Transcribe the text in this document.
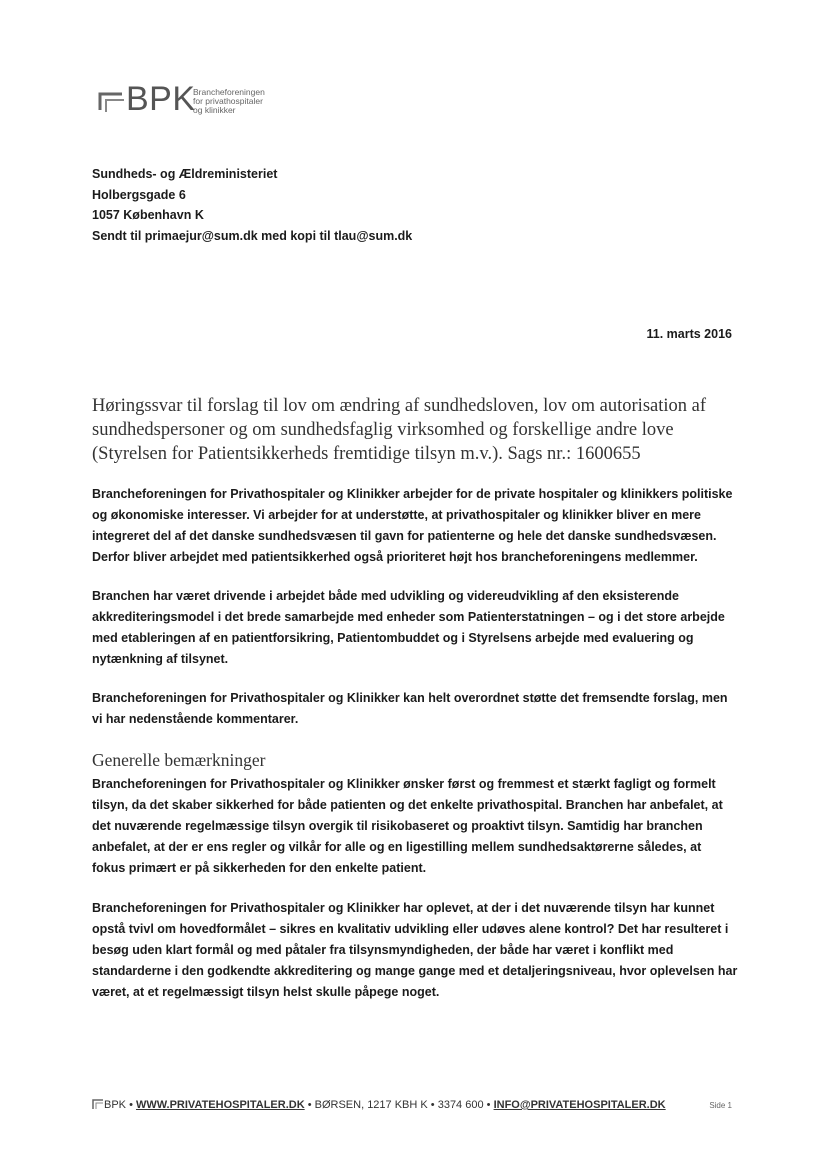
BPK
Brancheforeningen
for privathospitaler
og klinikker
Sundheds- og Ældreministeriet
Holbergsgade 6
1057 København K
Sendt til primaejur@sum.dk med kopi til tlau@sum.dk
11. marts 2016
Høringssvar til forslag til lov om ændring af sundhedsloven, lov om autorisation af sundhedspersoner og om sundhedsfaglig virksomhed og forskellige andre love (Styrelsen for Patientsikkerheds fremtidige tilsyn m.v.). Sags nr.: 1600655
Brancheforeningen for Privathospitaler og Klinikker arbejder for de private hospitaler og klinikkers politiske og økonomiske interesser. Vi arbejder for at understøtte, at privathospitaler og klinikker bliver en mere integreret del af det danske sundhedsvæsen til gavn for patienterne og hele det danske sundhedsvæsen. Derfor bliver arbejdet med patientsikkerhed også prioriteret højt hos brancheforeningens medlemmer.
Branchen har været drivende i arbejdet både med udvikling og videreudvikling af den eksisterende akkrediteringsmodel i det brede samarbejde med enheder som Patienterstatningen – og i det store arbejde med etableringen af en patientforsikring, Patientombuddet og i Styrelsens arbejde med evaluering og nytænkning af tilsynet.
Brancheforeningen for Privathospitaler og Klinikker kan helt overordnet støtte det fremsendte forslag, men vi har nedenstående kommentarer.
Generelle bemærkninger
Brancheforeningen for Privathospitaler og Klinikker ønsker først og fremmest et stærkt fagligt og formelt tilsyn, da det skaber sikkerhed for både patienten og det enkelte privathospital. Branchen har anbefalet, at det nuværende regelmæssige tilsyn overgik til risikobaseret og proaktivt tilsyn. Samtidig har branchen anbefalet, at der er ens regler og vilkår for alle og en ligestilling mellem sundhedsaktørerne således, at fokus primært er på sikkerheden for den enkelte patient.
Brancheforeningen for Privathospitaler og Klinikker har oplevet, at der i det nuværende tilsyn har kunnet opstå tvivl om hovedformålet – sikres en kvalitativ udvikling eller udøves alene kontrol? Det har resulteret i besøg uden klart formål og med påtaler fra tilsynsmyndigheden, der både har været i konflikt med standarderne i den godkendte akkreditering og mange gange med et detaljeringsniveau, hvor oplevelsen har været, at et regelmæssigt tilsyn helst skulle påpege noget.
BPK • WWW.PRIVATEHOSPITALER.DK • BØRSEN, 1217 KBH K • 3374 600 • INFO@PRIVATEHOSPITALER.DK	Side 1
